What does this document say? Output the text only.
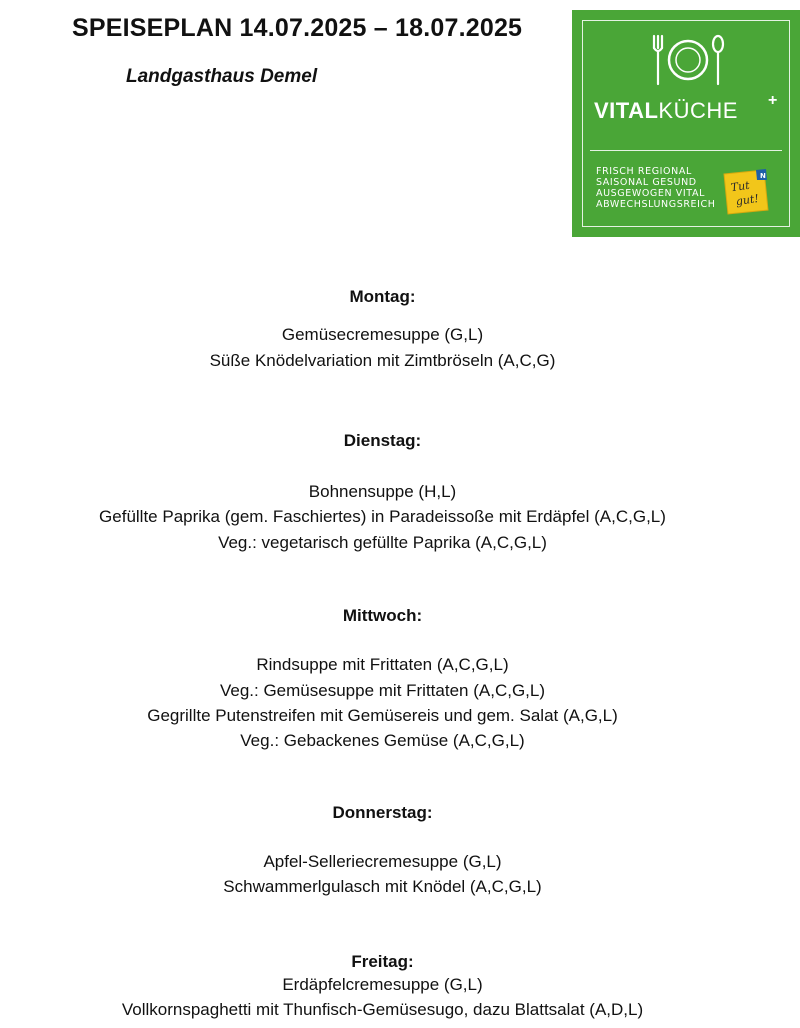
SPEISEPLAN 14.07.2025 – 18.07.2025
Landgasthaus Demel
VITALKÜCHE +
FRISCH REGIONAL
SAISONAL GESUND
AUSGEWOGEN VITAL
ABWECHSLUNGSREICH
N
Tut
gut!
Montag:
Gemüsecremesuppe (G,L)
Süße Knödelvariation mit Zimtbröseln (A,C,G)
Dienstag:
Bohnensuppe (H,L)
Gefüllte Paprika (gem. Faschiertes) in Paradeissoße mit Erdäpfel (A,C,G,L)
Veg.: vegetarisch gefüllte Paprika (A,C,G,L)
Mittwoch:
Rindsuppe mit Frittaten (A,C,G,L)
Veg.: Gemüsesuppe mit Frittaten (A,C,G,L)
Gegrillte Putenstreifen mit Gemüsereis und gem. Salat (A,G,L)
Veg.: Gebackenes Gemüse (A,C,G,L)
Donnerstag:
Apfel-Selleriecremesuppe (G,L)
Schwammerlgulasch mit Knödel (A,C,G,L)
Freitag:
Erdäpfelcremesuppe (G,L)
Vollkornspaghetti mit Thunfisch-Gemüsesugo, dazu Blattsalat (A,D,L)
